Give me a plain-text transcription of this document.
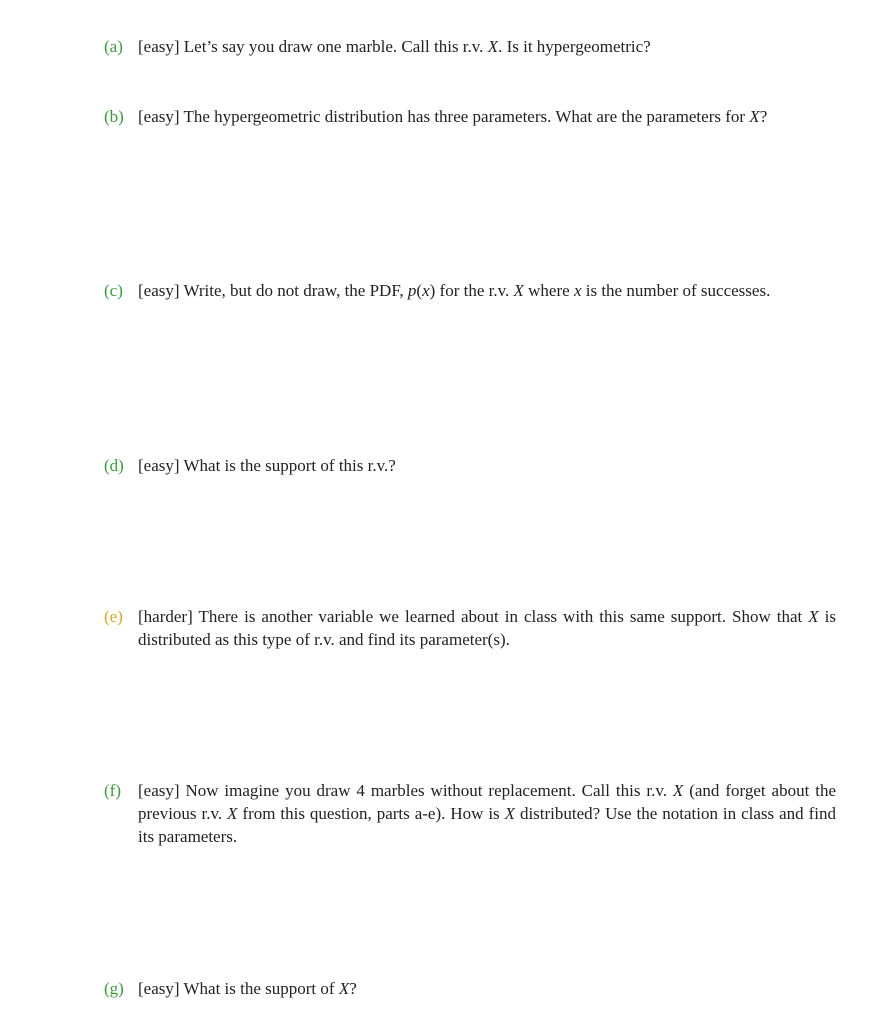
(a) [easy] Let’s say you draw one marble. Call this r.v. X. Is it hypergeometric?
(b) [easy] The hypergeometric distribution has three parameters. What are the parameters for X?
(c) [easy] Write, but do not draw, the PDF, p(x) for the r.v. X where x is the number of successes.
(d) [easy] What is the support of this r.v.?
(e) [harder] There is another variable we learned about in class with this same support. Show that X is distributed as this type of r.v. and find its parameter(s).
(f)	[easy] Now imagine you draw 4 marbles without replacement. Call this r.v. X (and forget about the previous r.v. X from this question, parts a-e). How is X distributed? Use the notation in class and find its parameters.
(g) [easy] What is the support of X?
